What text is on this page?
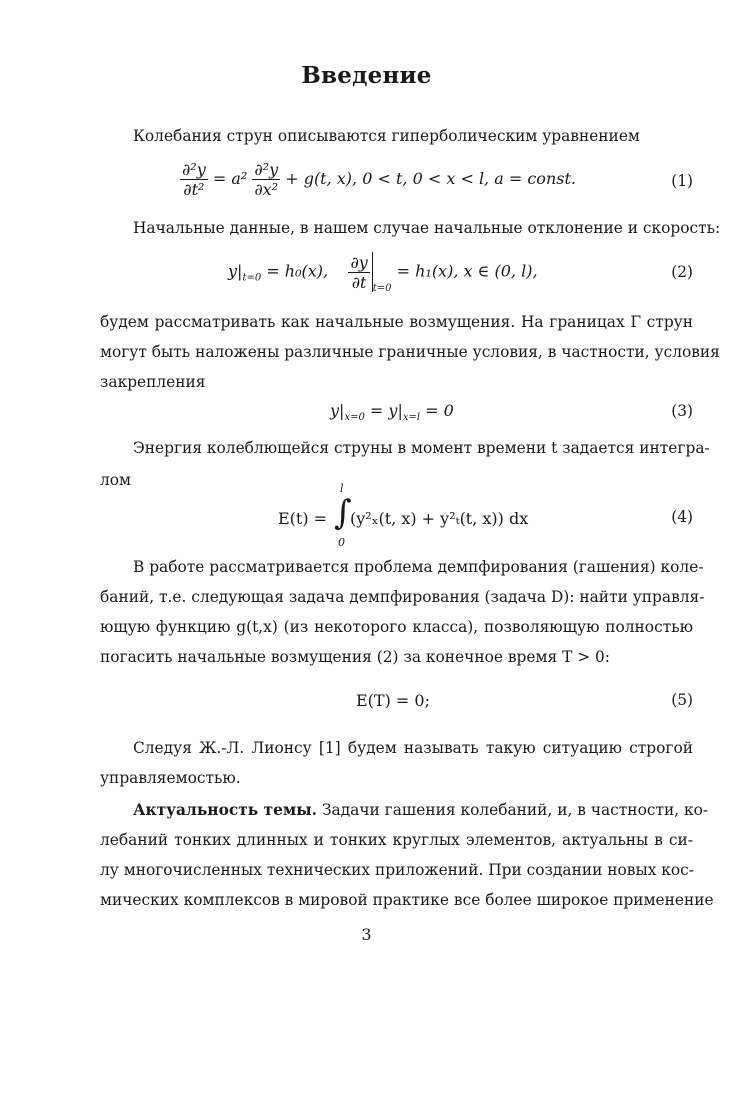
Введение
Колебания струн описываются гиперболическим уравнением
$\frac{\text{∂²y}}{\text{∂t²}} = a^2 \frac{\text{∂²y}}{\text{∂x²}} + g(t$, x), 0 < t, 0 < x < l, a = const.	(1)
Начальные данные, в нашем случае начальные отклонение и скорость:
$y|_{t=0} = h_0(x)$, $\frac{\partial y}{\partial t} _{t=0} = h_1(x)$, x ∈ (0, l),	(2)
будем рассматривать как начальные возмущения. На границах Γ струн
могут быть наложены различные граничные условия, в частности, условия
закрепления
$y|_{x=0} = y|_{x=l} = 0$	(3)
Энергия колеблющейся струны в момент времени t задается интегра-
лом
E(t) =
l
∫
0
(y²ₓ(t, x) + y²ₜ(t, x)) dx	(4)
В работе рассматривается проблема демпфирования (гашения) коле-
баний, т.е. следующая задача демпфирования (задача D): найти управля-
ющую функцию g(t,x) (из некоторого класса), позволяющую полностью
погасить начальные возмущения (2) за конечное время T > 0:
E(T) = 0;	(5)
Следуя Ж.-Л. Лионсу [1] будем называть такую ситуацию строгой
управляемостью.
Актуальность темы. Задачи гашения колебаний, и, в частности, ко-
лебаний тонких длинных и тонких круглых элементов, актуальны в си-
лу многочисленных технических приложений. При создании новых кос-
мических комплексов в мировой практике все более широкое применение
3
